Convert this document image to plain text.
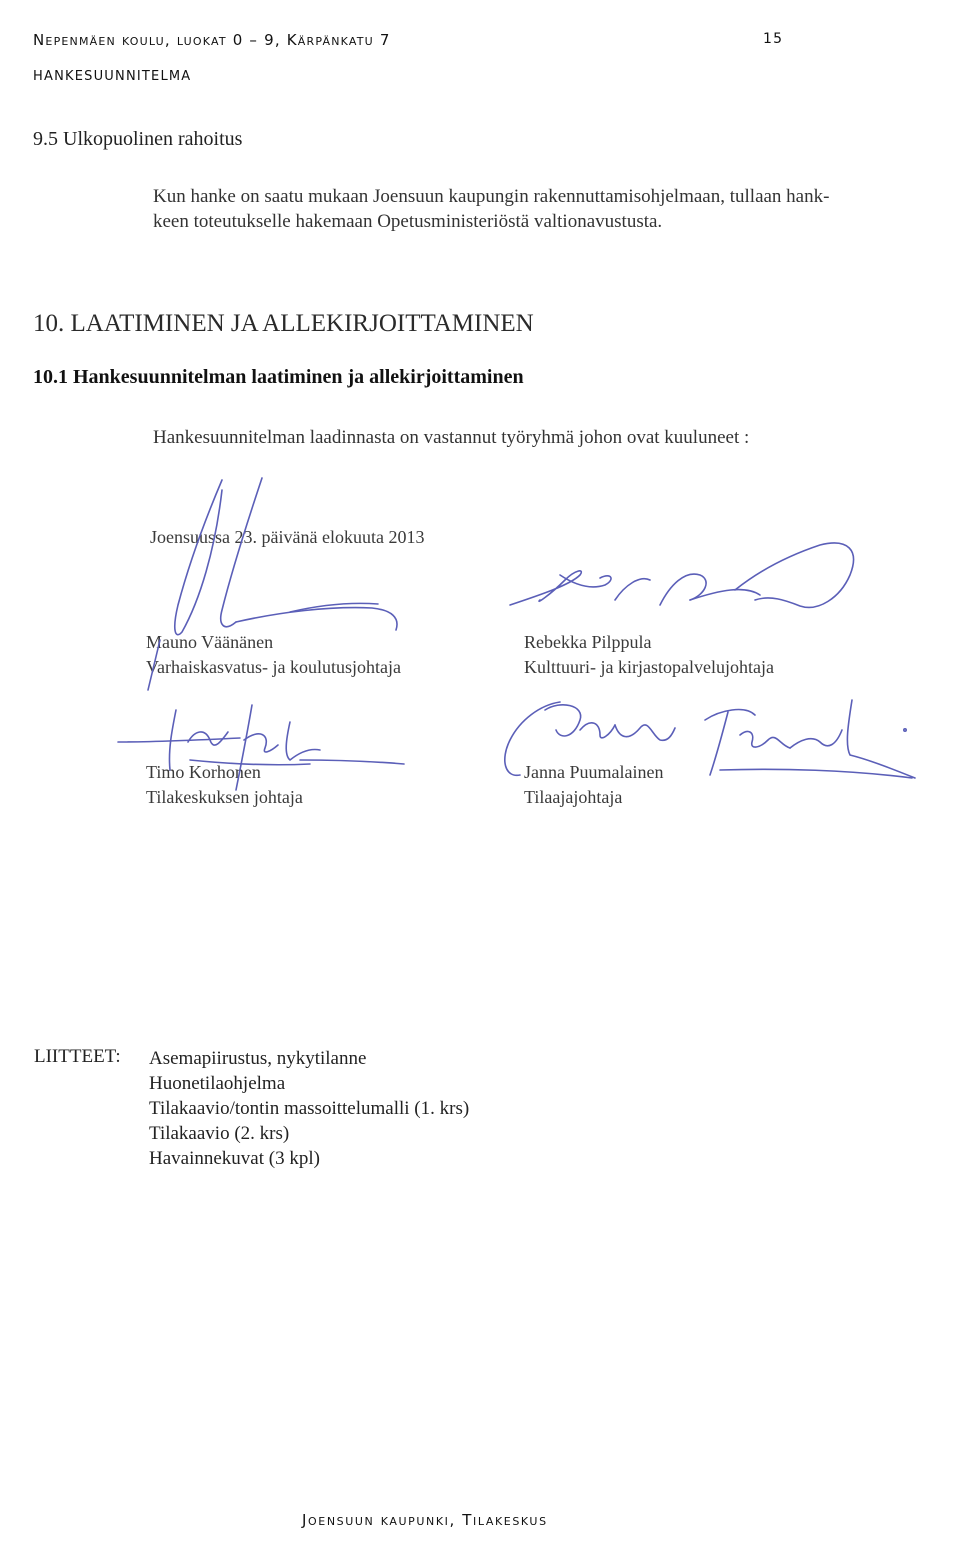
Nepenmäen koulu, luokat 0 – 9, Kärpänkatu 7	15
HANKESUUNNITELMA
9.5 Ulkopuolinen rahoitus
Kun hanke on saatu mukaan Joensuun kaupungin rakennuttamisohjelmaan, tullaan hank-
keen toteutukselle hakemaan Opetusministeriöstä valtionavustusta.
10. LAATIMINEN JA ALLEKIRJOITTAMINEN
10.1 Hankesuunnitelman laatiminen ja allekirjoittaminen
Hankesuunnitelman laadinnasta on vastannut työryhmä johon ovat kuuluneet :
Joensuussa 23. päivänä elokuuta 2013
Mauno Väänänen
Varhaiskasvatus- ja koulutusjohtaja
Rebekka Pilppula
Kulttuuri- ja kirjastopalvelujohtaja
Timo Korhonen
Tilakeskuksen johtaja
Janna Puumalainen
Tilaajajohtaja
LIITTEET: Asemapiirustus, nykytilanne
Huonetilaohjelma
Tilakaavio/tontin massoittelumalli (1. krs)
Tilakaavio (2. krs)
Havainnekuvat (3 kpl)
Joensuun kaupunki, Tilakeskus
